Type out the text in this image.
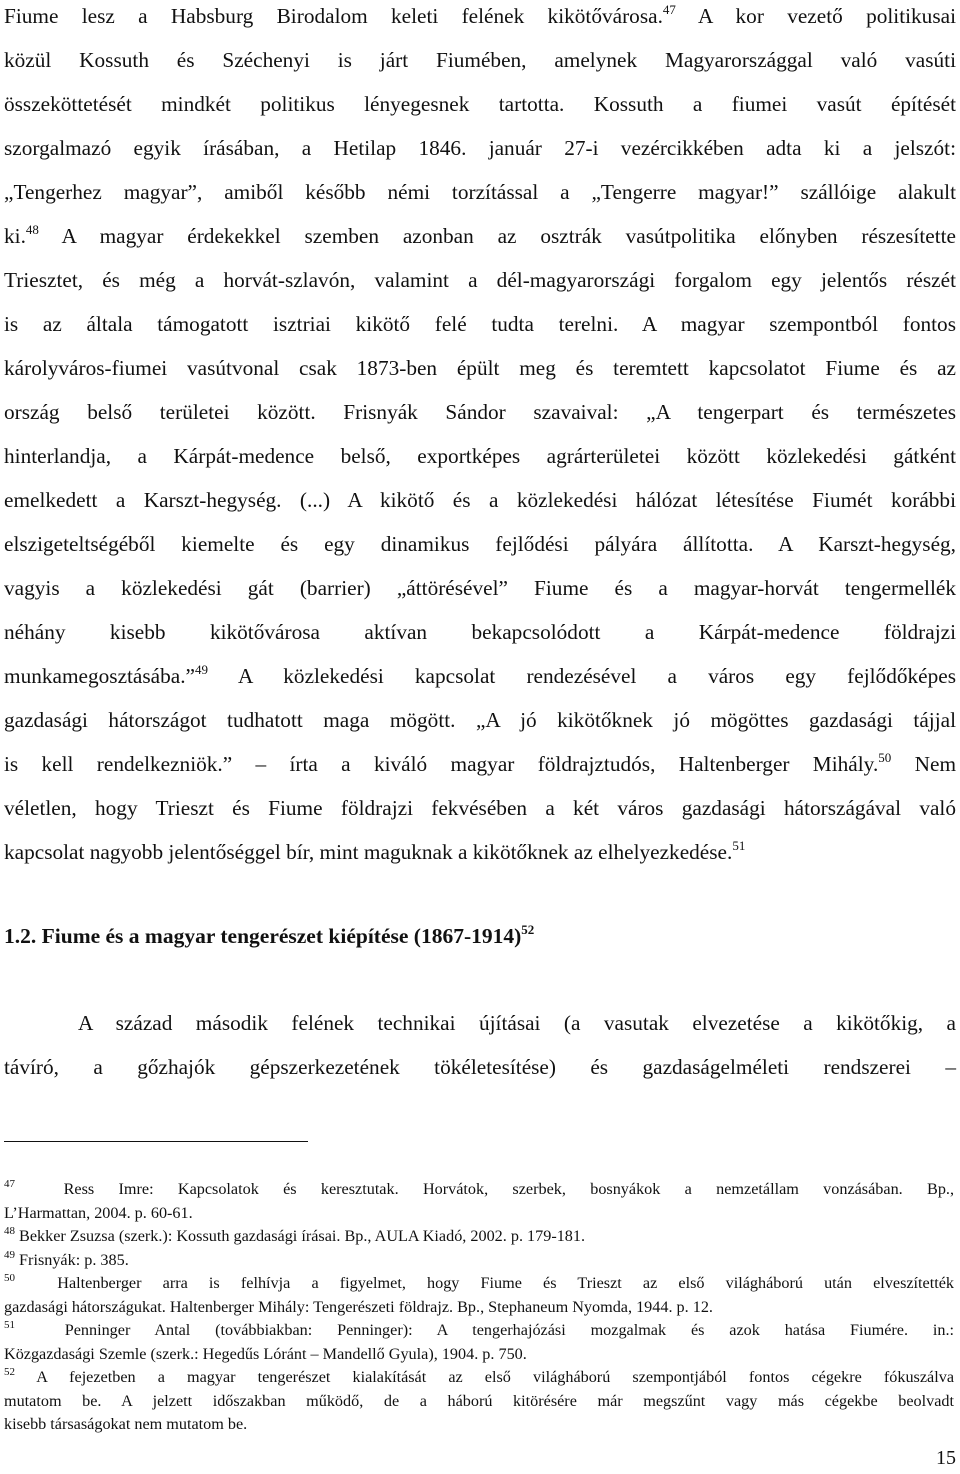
Fiume lesz a Habsburg Birodalom keleti felének kikötővárosa.$^{47}$ A kor vezető politikusai
közül Kossuth és Széchenyi is járt Fiumében, amelynek Magyarországgal való vasúti
összeköttetését mindkét politikus lényegesnek tartotta. Kossuth a fiumei vasút építését
szorgalmazó egyik írásában, a Hetilap 1846. január 27-i vezércikkében adta ki a jelszót:
„Tengerhez magyar”, amiből később némi torzítással a „Tengerre magyar!” szállóige alakult
ki.$^{48}$ A magyar érdekekkel szemben azonban az osztrák vasútpolitika előnyben részesítette
Triesztet, és még a horvát-szlavón, valamint a dél-magyarországi forgalom egy jelentős részét
is az általa támogatott isztriai kikötő felé tudta terelni. A magyar szempontból fontos
károlyváros-fiumei vasútvonal csak 1873-ben épült meg és teremtett kapcsolatot Fiume és az
ország belső területei között. Frisnyák Sándor szavaival: „A tengerpart és természetes
hinterlandja, a Kárpát-medence belső, exportképes agrárterületei között közlekedési gátként
emelkedett a Karszt-hegység. (...) A kikötő és a közlekedési hálózat létesítése Fiumét korábbi
elszigeteltségéből kiemelte és egy dinamikus fejlődési pályára állította. A Karszt-hegység,
vagyis a közlekedési gát (barrier) „áttörésével” Fiume és a magyar-horvát tengermellék
néhány kisebb kikötővárosa aktívan bekapcsolódott a Kárpát-medence földrajzi
munkamegosztásába.”$^{49}$ A közlekedési kapcsolat rendezésével a város egy fejlődőképes
gazdasági hátországot tudhatott maga mögött. „A jó kikötőknek jó mögöttes gazdasági tájjal
is kell rendelkezniök.” – írta a kiváló magyar földrajztudós, Haltenberger Mihály.$^{50}$ Nem
véletlen, hogy Trieszt és Fiume földrajzi fekvésében a két város gazdasági hátországával való
kapcsolat nagyobb jelentőséggel bír, mint maguknak a kikötőknek az elhelyezkedése.$^{51}$
1.2. Fiume és a magyar tengerészet kiépítése (1867-1914)$^{52}$
A század második felének technikai újításai (a vasutak elvezetése a kikötőkig, a
távíró, a gőzhajók gépszerkezetének tökéletesítése) és gazdaságelméleti rendszerei –
$^{47}$	Ress Imre: Kapcsolatok és keresztutak. Horvátok, szerbek, bosnyákok a nemzetállam vonzásában. Bp.,
L’Harmattan, 2004. p. 60-61.
$^{48}$ Bekker Zsuzsa (szerk.): Kossuth gazdasági írásai. Bp., AULA Kiadó, 2002. p. 179-181.
$^{49}$ Frisnyák: p. 385.
$^{50}$	Haltenberger arra is felhívja a figyelmet, hogy Fiume és Trieszt az első világháború után elveszítették
gazdasági hátországukat. Haltenberger Mihály: Tengerészeti földrajz. Bp., Stephaneum Nyomda, 1944. p. 12.
$^{51}$	Penninger Antal (továbbiakban: Penninger): A tengerhajózási mozgalmak és azok hatása Fiumére. in.:
Közgazdasági Szemle (szerk.: Hegedűs Lóránt – Mandellő Gyula), 1904. p. 750.
$^{52}$ A fejezetben a magyar tengerészet kialakítását az első világháború szempontjából fontos cégekre fókuszálva
mutatom be. A jelzett időszakban működő, de a háború kitörésére már megszűnt vagy más cégekbe beolvadt
kisebb társaságokat nem mutatom be.
15
